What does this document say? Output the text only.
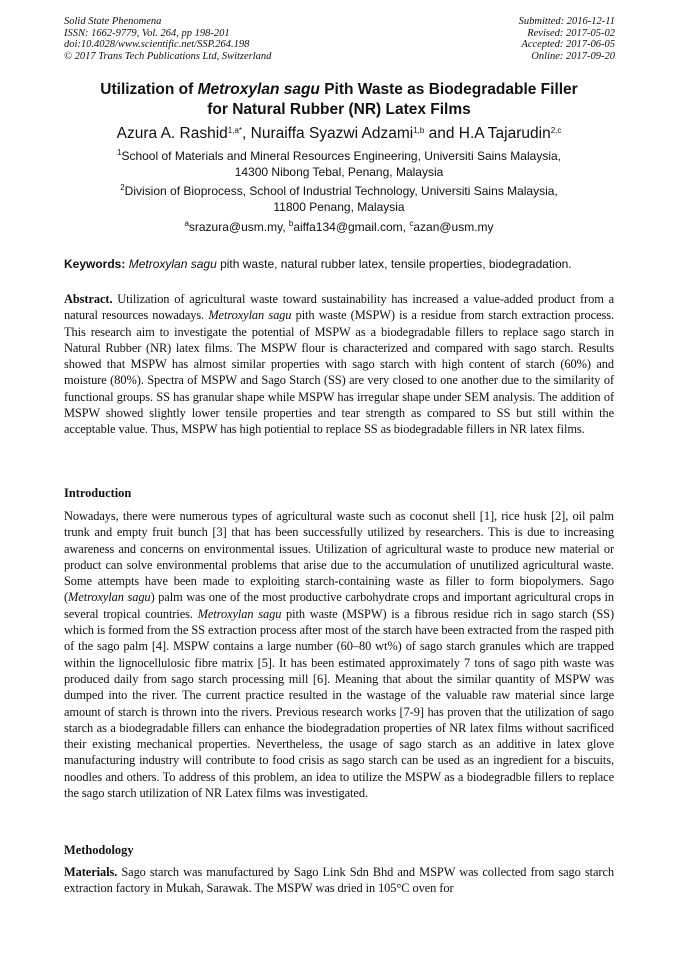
Solid State Phenomena
ISSN: 1662-9779, Vol. 264, pp 198-201
doi:10.4028/www.scientific.net/SSP.264.198
© 2017 Trans Tech Publications Ltd, Switzerland
Submitted: 2016-12-11
Revised: 2017-05-02
Accepted: 2017-06-05
Online: 2017-09-20
Utilization of Metroxylan sagu Pith Waste as Biodegradable Filler
for Natural Rubber (NR) Latex Films
Azura A. Rashid$^{1,a*}$, Nuraiffa Syazwi Adzami$^{1,b}$ and H.A Tajarudin$^{2,c}$
$^1$School of Materials and Mineral Resources Engineering, Universiti Sains Malaysia,
14300 Nibong Tebal, Penang, Malaysia
$^2$Division of Bioprocess, School of Industrial Technology, Universiti Sains Malaysia,
11800 Penang, Malaysia
$^a$srazura@usm.my, $^b$aiffa134@gmail.com, $^c$azan@usm.my
Keywords: Metroxylan sagu pith waste, natural rubber latex, tensile properties, biodegradation.
Abstract. Utilization of agricultural waste toward sustainability has increased a value-added product from a natural resources nowadays. Metroxylan sagu pith waste (MSPW) is a residue from starch extraction process. This research aim to investigate the potential of MSPW as a biodegradable fillers to replace sago starch in Natural Rubber (NR) latex films. The MSPW flour is characterized and compared with sago starch. Results showed that MSPW has almost similar properties with sago starch with high content of starch (60%) and moisture (80%). Spectra of MSPW and Sago Starch (SS) are very closed to one another due to the similarity of functional groups. SS has granular shape while MSPW has irregular shape under SEM analysis. The addition of MSPW showed slightly lower tensile properties and tear strength as compared to SS but still within the acceptable value. Thus, MSPW has high potiential to replace SS as biodegradable fillers in NR latex films.
Introduction
Nowadays, there were numerous types of agricultural waste such as coconut shell [1], rice husk [2], oil palm trunk and empty fruit bunch [3] that has been successfully utilized by researchers. This is due to increasing awareness and concerns on environmental issues. Utilization of agricultural waste to produce new material or product can solve environmental problems that arise due to the accumulation of unutilized agricultural waste. Some attempts have been made to exploiting starch-containing waste as filler to form biopolymers. Sago (Metroxylan sagu) palm was one of the most productive carbohydrate crops and important agricultural crops in several tropical countries. Metroxylan sagu pith waste (MSPW) is a fibrous residue rich in sago starch (SS) which is formed from the SS extraction process after most of the starch have been extracted from the rasped pith of the sago palm [4]. MSPW contains a large number (60–80 wt%) of sago starch granules which are trapped within the lignocellulosic fibre matrix [5]. It has been estimated approximately 7 tons of sago pith waste was produced daily from sago starch processing mill [6]. Meaning that about the similar quantity of MSPW was dumped into the river. The current practice resulted in the wastage of the valuable raw material since large amount of starch is thrown into the rivers. Previous research works [7-9] has proven that the utilization of sago starch as a biodegradable fillers can enhance the biodegradation properties of NR latex films without sacrificed their existing mechanical properties. Nevertheless, the usage of sago starch as an additive in latex glove manufacturing industry will contribute to food crisis as sago starch can be used as an ingredient for a biscuits, noodles and others. To address of this problem, an idea to utilize the MSPW as a biodegradble fillers to replace the sago starch utilization of NR Latex films was investigated.
Methodology
Materials. Sago starch was manufactured by Sago Link Sdn Bhd and MSPW was collected from sago starch extraction factory in Mukah, Sarawak. The MSPW was dried in 105°C oven for
